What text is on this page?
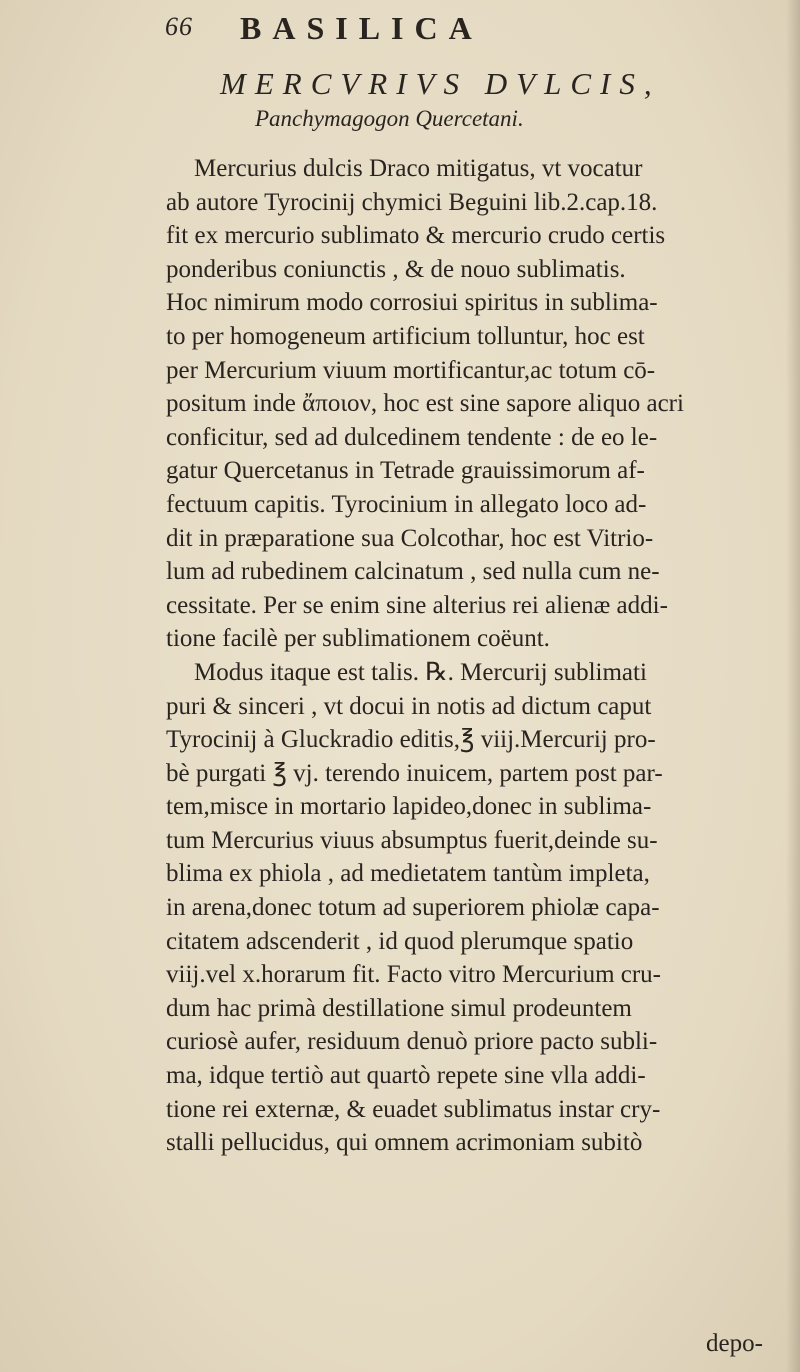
66 BASILICA
MERCVRIVS DVLCIS,
Panchymagogon Quercetani.
Mercurius dulcis Draco mitigatus, vt vocatur
ab autore Tyrocinij chymici Beguini lib.2.cap.18.
fit ex mercurio sublimato & mercurio crudo certis
ponderibus coniunctis , & de nouo sublimatis.
Hoc nimirum modo corrosiui spiritus in sublima-
to per homogeneum artificium tolluntur, hoc est
per Mercurium viuum mortificantur,ac totum cō-
positum inde ἄποιον, hoc est sine sapore aliquo acri
conficitur, sed ad dulcedinem tendente : de eo le-
gatur Quercetanus in Tetrade grauissimorum af-
fectuum capitis. Tyrocinium in allegato loco ad-
dit in præparatione sua Colcothar, hoc est Vitrio-
lum ad rubedinem calcinatum , sed nulla cum ne-
cessitate. Per se enim sine alterius rei alienæ addi-
tione facilè per sublimationem coëunt.
Modus itaque est talis. ℞. Mercurij sublimati
puri & sinceri , vt docui in notis ad dictum caput
Tyrocinij à Gluckradio editis,℥ viij.Mercurij pro-
bè purgati ℥ vj. terendo inuicem, partem post par-
tem,misce in mortario lapideo,donec in sublima-
tum Mercurius viuus absumptus fuerit,deinde su-
blima ex phiola , ad medietatem tantùm impleta,
in arena,donec totum ad superiorem phiolæ capa-
citatem adscenderit , id quod plerumque spatio
viij.vel x.horarum fit. Facto vitro Mercurium cru-
dum hac primà destillatione simul prodeuntem
curiosè aufer, residuum denuò priore pacto subli-
ma, idque tertiò aut quartò repete sine vlla addi-
tione rei externæ, & euadet sublimatus instar cry-
stalli pellucidus, qui omnem acrimoniam subitò
depo-
